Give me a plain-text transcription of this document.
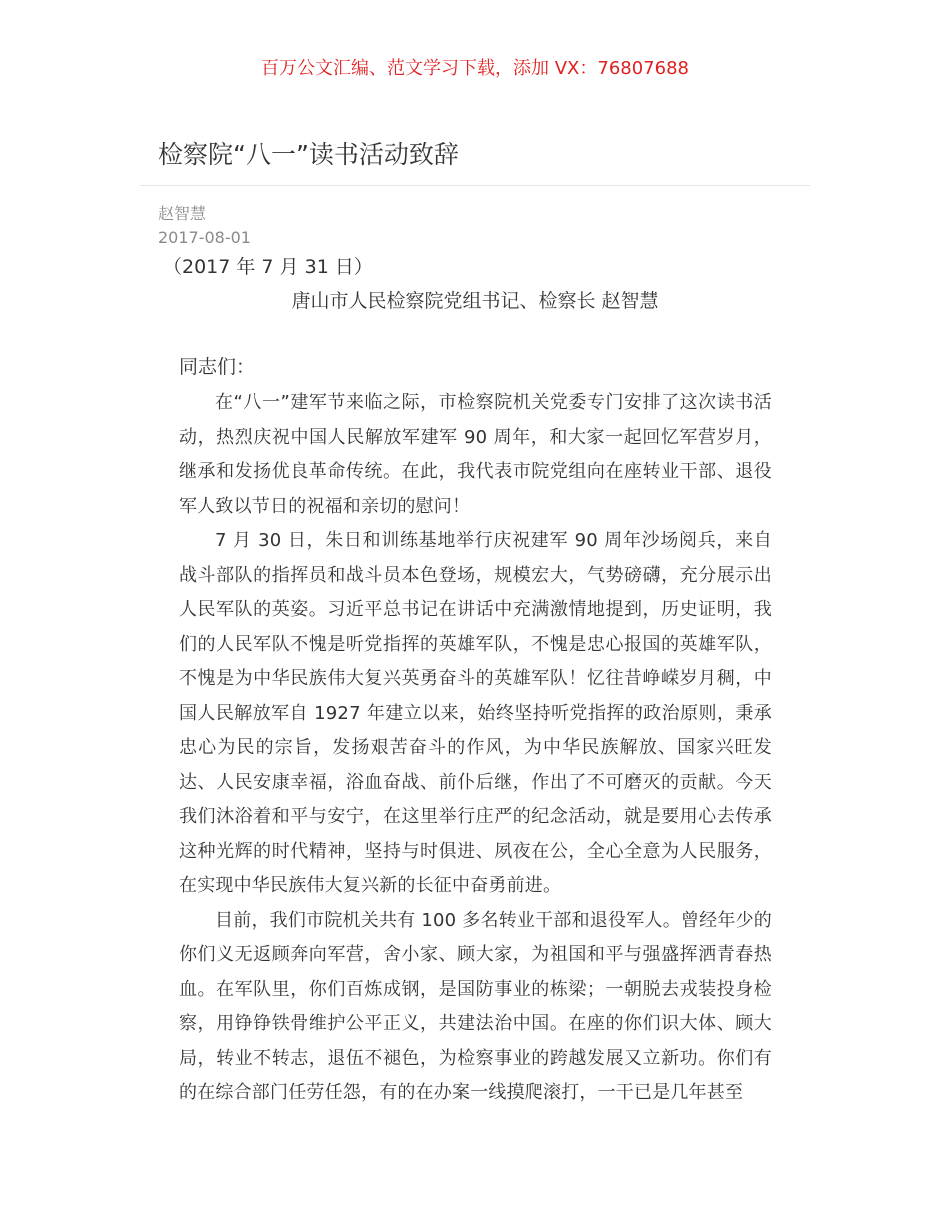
百万公文汇编、范文学习下载，添加 VX：76807688
检察院“八一”读书活动致辞
赵智慧
2017-08-01
（2017 年 7 月 31 日）
唐山市人民检察院党组书记、检察长 赵智慧
同志们：

在“八一”建军节来临之际，市检察院机关党委专门安排了这次读书活动，热烈庆祝中国人民解放军建军 90 周年，和大家一起回忆军营岁月，继承和发扬优良革命传统。在此，我代表市院党组向在座转业干部、退役军人致以节日的祝福和亲切的慰问！

7 月 30 日，朱日和训练基地举行庆祝建军 90 周年沙场阅兵，来自战斗部队的指挥员和战斗员本色登场，规模宏大，气势磅礴，充分展示出人民军队的英姿。习近平总书记在讲话中充满激情地提到，历史证明，我们的人民军队不愧是听党指挥的英雄军队，不愧是忠心报国的英雄军队，不愧是为中华民族伟大复兴英勇奋斗的英雄军队！忆往昔峥嵘岁月稠，中国人民解放军自 1927 年建立以来，始终坚持听党指挥的政治原则，秉承忠心为民的宗旨，发扬艰苦奋斗的作风，为中华民族解放、国家兴旺发达、人民安康幸福，浴血奋战、前仆后继，作出了不可磨灭的贡献。今天我们沐浴着和平与安宁，在这里举行庄严的纪念活动，就是要用心去传承这种光辉的时代精神，坚持与时俱进、夙夜在公，全心全意为人民服务，在实现中华民族伟大复兴新的长征中奋勇前进。

目前，我们市院机关共有 100 多名转业干部和退役军人。曾经年少的你们义无返顾奔向军营，舍小家、顾大家，为祖国和平与强盛挥洒青春热血。在军队里，你们百炼成钢，是国防事业的栋梁；一朝脱去戎装投身检察，用铮铮铁骨维护公平正义，共建法治中国。在座的你们识大体、顾大局，转业不转志，退伍不褪色，为检察事业的跨越发展又立新功。你们有的在综合部门任劳任怨，有的在办案一线摸爬滚打，一干已是几年甚至
